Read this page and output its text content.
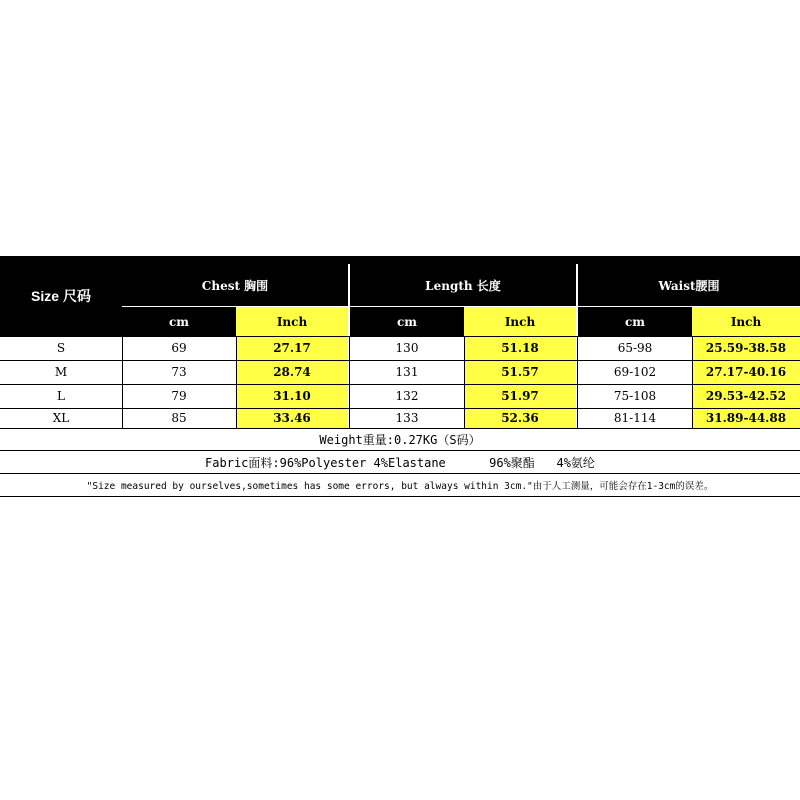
Size 尺码
Chest 胸围	Length 长度	Waist腰围
cm	Inch	cm	Inch	cm	Inch
S	69	27.17	130	51.18	65-98	25.59-38.58
M	73	28.74	131	51.57	69-102	27.17-40.16
L	79	31.10	132	51.97	75-108	29.53-42.52
XL	85	33.46	133	52.36	81-114	31.89-44.88
Weight重量:0.27KG（S码）
Fabric面料:96%Polyester 4%Elastane      96%聚酯   4%氨纶
"Size measured by ourselves,sometimes has some errors, but always within 3cm."由于人工测量，可能会存在1-3cm的误差。
